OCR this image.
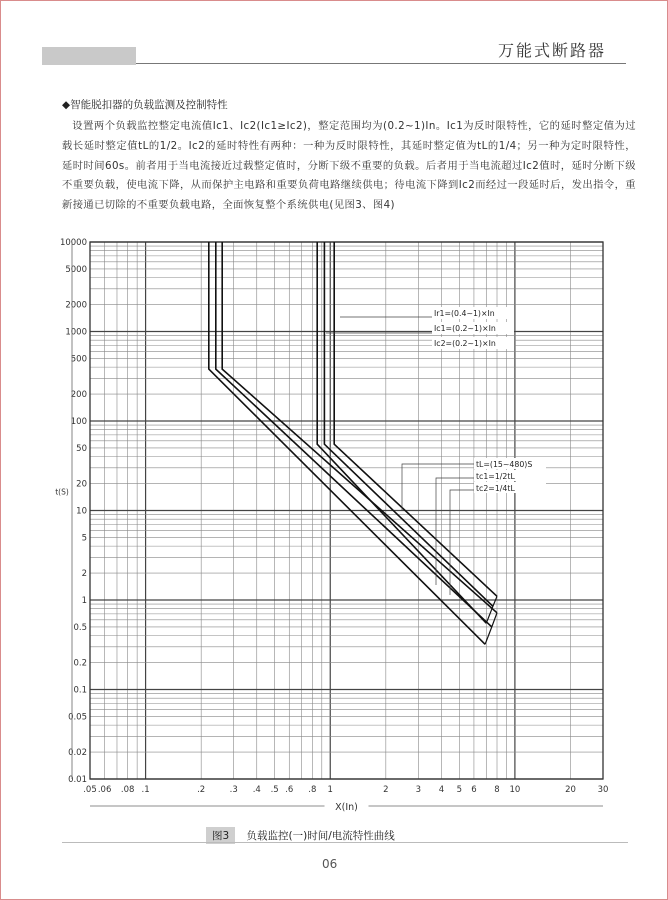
万能式断路器
◆智能脱扣器的负载监测及控制特性
设置两个负载监控整定电流值Ic1、Ic2(Ic1≥Ic2)，整定范围均为(0.2~1)In。Ic1为反时限特性，它的延时整定值为过载长延时整定值tL的1/2。Ic2的延时特性有两种：一种为反时限特性，其延时整定值为tL的1/4；另一种为定时限特性，延时时间60s。前者用于当电流接近过载整定值时，分断下级不重要的负载。后者用于当电流超过Ic2值时，延时分断下级不重要负载，使电流下降，从而保护主电路和重要负荷电路继续供电；待电流下降到Ic2而经过一段延时后，发出指令，重新接通已切除的不重要负载电路，全面恢复整个系统供电(见图3、图4)
10000
5000
2000
1000
500
200
100
50
20
10
5
2
1
0.5
0.2
0.1
0.05
0.02
0.01
.05 .06 .08 .1	.2	.3 .4 .5 .6 .8 1	2	3 4 5 6 8 10	20	30
X(In)
t(S)
Ir1=(0.4~1)×In
Ic1=(0.2~1)×In
Ic2=(0.2~1)×In
tL=(15~480)S
tc1=1/2tL
tc2=1/4tL
图3 负载监控(一)时间/电流特性曲线
06
